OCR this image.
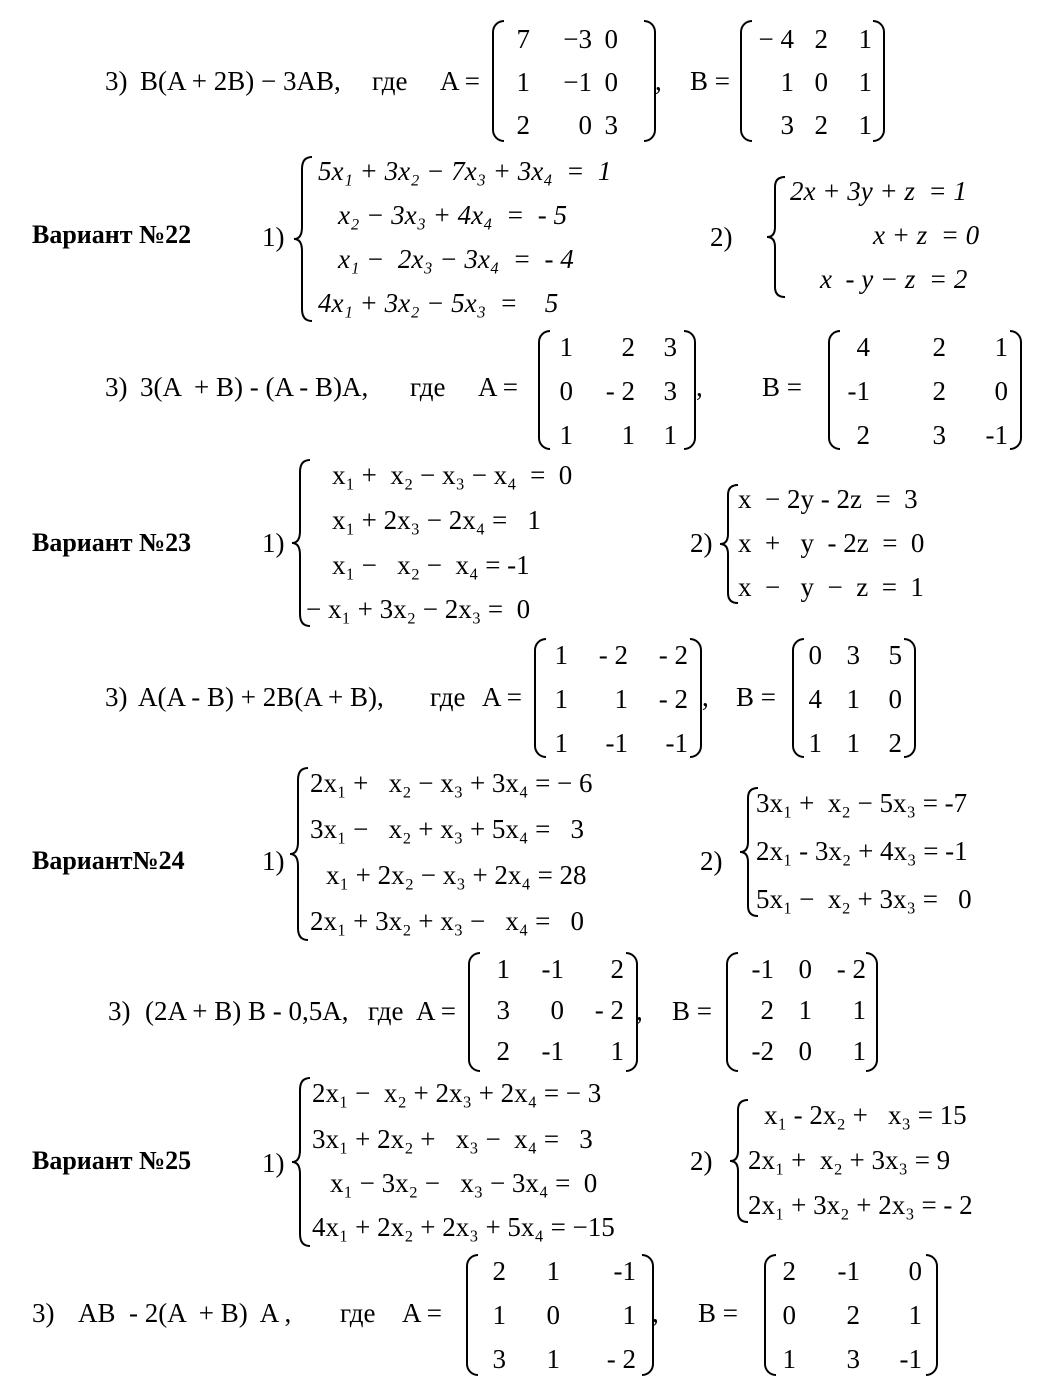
3) B(A + 2B) − 3AB, где A =
7 −3 0
1 −1 0
2 0 3
, B =
− 4 2 1
1 0 1
3 2 1
Вариант №22	1)
5x₁ + 3x₂ − 7x₃ + 3x₄  =  1
x₂ − 3x₃ + 4x₄  =  - 5
x₁ −  2x₃ − 3x₄  =  - 4
4x₁ + 3x₂ − 5x₃  =    5
2)
2x + 3y + z  = 1
x + z  = 0
x  - y − z  = 2
3) 3(A  + B) - (A - B)A, где A =
1 2 3
0 - 2 3
1 1 1
, B =
4 2 1
-1 2 0
2 3 -1
Вариант №23	1)
x₁ +  x₂ − x₃ − x₄  =  0
x₁ + 2x₃ − 2x₄ =   1
x₁ −   x₂ −  x₄ = -1
− x₁ + 3x₂ − 2x₃ =  0
2)
x  − 2y - 2z  =  3
x  +   y  - 2z  =  0
x  −   y  −  z  =  1
3) A(A - B) + 2B(A + B), где A =
1 - 2 - 2
1 1 - 2
1 -1 -1
, B =
0 3 5
4 1 0
1 1 2
Вариант№24	1)
2x₁ +   x₂ − x₃ + 3x₄ = − 6
3x₁ −   x₂ + x₃ + 5x₄ =   3
x₁ + 2x₂ − x₃ + 2x₄ = 28
2x₁ + 3x₂ + x₃ −   x₄ =   0
2)
3x₁ +  x₂ − 5x₃ = -7
2x₁ - 3x₂ + 4x₃ = -1
5x₁ −  x₂ + 3x₃ =   0
3) (2A + B) B - 0,5A, где A =
1 -1 2
3 0 - 2
2 -1 1
, B =
-1 0 - 2
2 1 1
-2 0 1
Вариант №25	1)
2x₁ −  x₂ + 2x₃ + 2x₄ = − 3
3x₁ + 2x₂ +   x₃ −  x₄ =   3
x₁ − 3x₂ −   x₃ − 3x₄ =  0
4x₁ + 2x₂ + 2x₃ + 5x₄ = −15
2)
x₁ - 2x₂ +   x₃ = 15
2x₁ +  x₂ + 3x₃ = 9
2x₁ + 3x₂ + 2x₃ = - 2
3) AB  - 2(A  + B)  A , где A =
2 1 -1
1 0 1
3 1 - 2
, B =
2 -1 0
0 2 1
1 3 -1
